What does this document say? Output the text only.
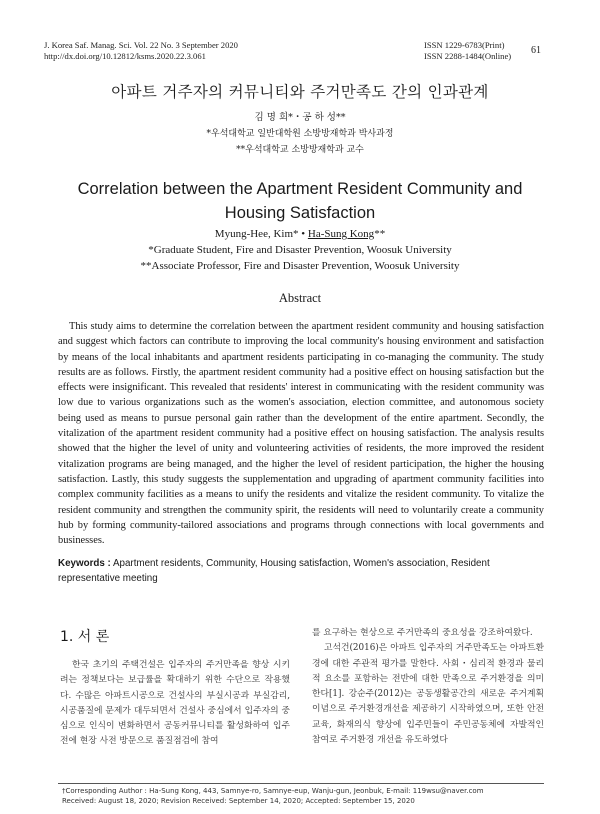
J. Korea Saf. Manag. Sci. Vol. 22 No. 3 September 2020
http://dx.doi.org/10.12812/ksms.2020.22.3.061
ISSN 1229-6783(Print)
ISSN 2288-1484(Online) 61
아파트 거주자의 커뮤니티와 주거만족도 간의 인과관계
김 명 희*・공 하 성**
*우석대학교 일반대학원 소방방재학과 박사과정
**우석대학교 소방방재학과 교수
Correlation between the Apartment Resident Community and
Housing Satisfaction
Myung-Hee, Kim* • Ha-Sung Kong**
*Graduate Student, Fire and Disaster Prevention, Woosuk University
**Associate Professor, Fire and Disaster Prevention, Woosuk University
Abstract
This study aims to determine the correlation between the apartment resident community and housing satisfaction and suggest which factors can contribute to improving the local community's housing environment and satisfaction by means of the local inhabitants and apartment residents participating in co-managing the community. The study results are as follows. Firstly, the apartment resident community had a positive effect on housing satisfaction but the effects were insignificant. This revealed that residents' interest in communicating with the resident community was low due to various organizations such as the women's association, election committee, and autonomous society being used as means to pursue personal gain rather than the development of the entire apartment. Secondly, the vitalization of the apartment resident community had a positive effect on housing satisfaction. The analysis results showed that the higher the level of unity and volunteering activities of residents, the more improved the resident vitalization programs are being managed, and the higher the level of resident participation, the higher the housing satisfaction. Lastly, this study suggests the supplementation and upgrading of apartment community facilities into complex community facilities as a means to unify the residents and vitalize the resident community. To vitalize the resident community and strengthen the community spirit, the residents will need to voluntarily create a community hub by forming community-tailored associations and programs through connections with local governments and businesses.
Keywords : Apartment residents, Community, Housing satisfaction, Women's association, Resident representative meeting
1. 서 론
한국 초기의 주택건설은 입주자의 주거만족을 향상 시키려는 정책보다는 보급률을 확대하기 위한 수단으로 작용했다. 수많은 아파트시공으로 건설사의 부실시공과 부실감리, 시공품질에 문제가 대두되면서 건설사 중심에서 입주자의 중심으로 인식이 변화하면서 공동커뮤니티를 활성화하여 입주 전에 현장 사전 방문으로 품질점검에 참여
를 요구하는 현상으로 주거만족의 중요성을 강조하여왔다.
고석건(2016)은 아파트 입주자의 거주만족도는 아파트환경에 대한 주관적 평가를 말한다. 사회・심리적 환경과 물리적 요소를 포함하는 전반에 대한 만족으로 주거환경을 의미한다[1]. 강순주(2012)는 공동생활공간의 새로운 주거계획 이념으로 주거환경개선을 제공하기 시작하였으며, 또한 안전교육, 화재의식 향상에 입주민들이 주민공동체에 자발적인 참여로 주거환경 개선을 유도하였다
†Corresponding Author : Ha-Sung Kong, 443, Samnye-ro, Samnye-eup, Wanju-gun, Jeonbuk, E-mail: 119wsu@naver.com
Received: August 18, 2020; Revision Received: September 14, 2020; Accepted: September 15, 2020
